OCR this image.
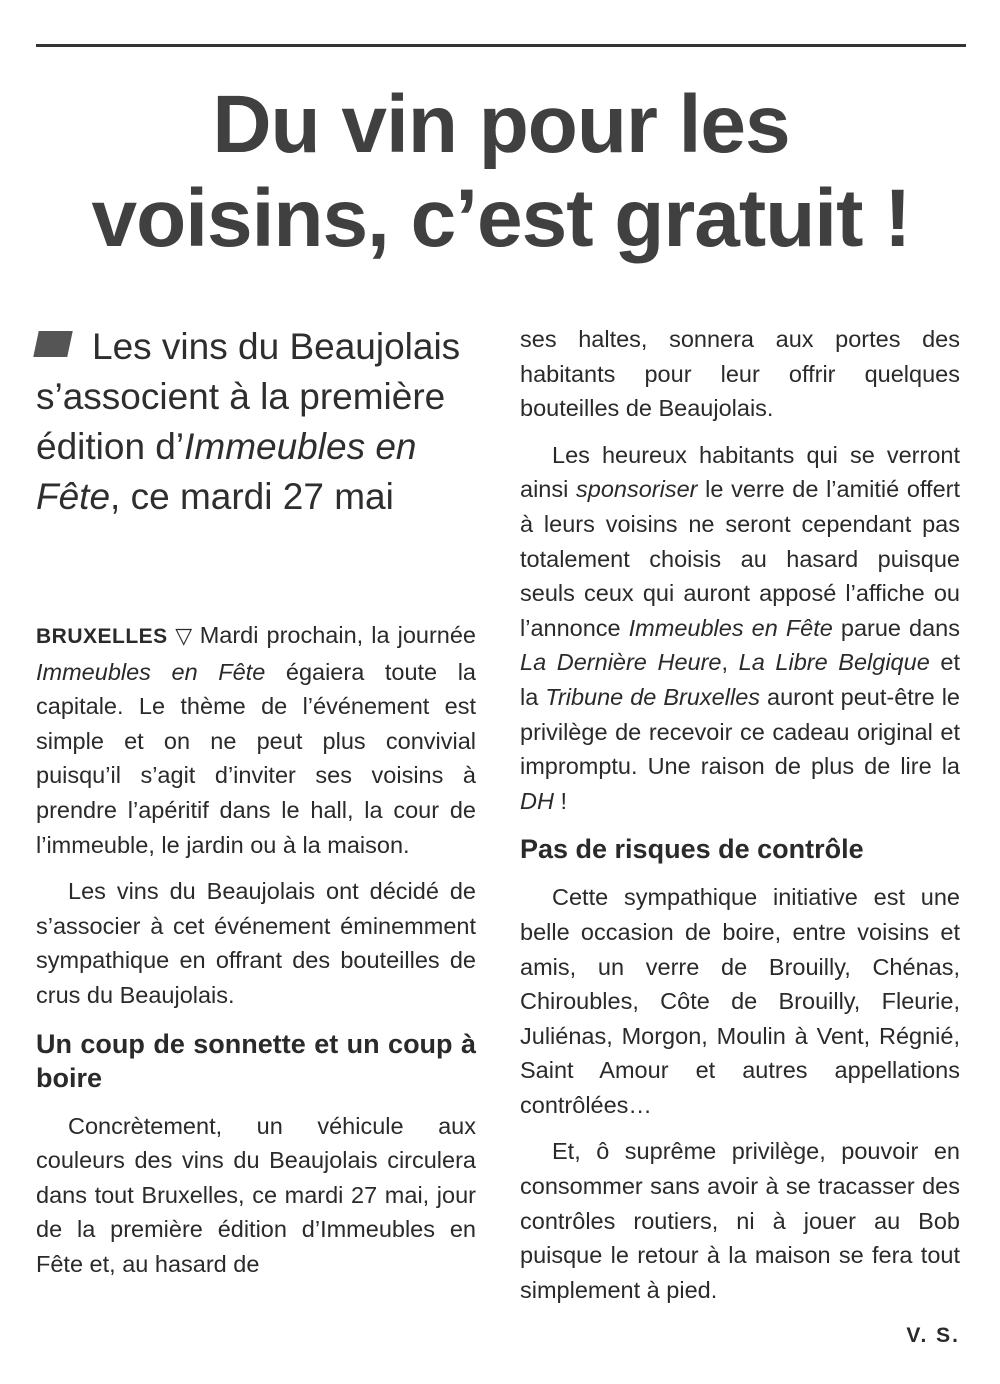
Du vin pour les
voisins, c’est gratuit !

Les vins du Beaujolais s’associent à la première édition d’Immeubles en Fête, ce mardi 27 mai

BRUXELLES ▽ Mardi prochain, la journée Immeubles en Fête égaiera toute la capitale. Le thème de l’événement est simple et on ne peut plus convivial puisqu’il s’agit d’inviter ses voisins à prendre l’apéritif dans le hall, la cour de l’immeuble, le jardin ou à la maison.

Les vins du Beaujolais ont décidé de s’associer à cet événement éminemment sympathique en offrant des bouteilles de crus du Beaujolais.

Un coup de sonnette et un coup à boire

Concrètement, un véhicule aux couleurs des vins du Beaujolais circulera dans tout Bruxelles, ce mardi 27 mai, jour de la première édition d’Immeubles en Fête et, au hasard de

ses haltes, sonnera aux portes des habitants pour leur offrir quelques bouteilles de Beaujolais.

Les heureux habitants qui se verront ainsi sponsoriser le verre de l’amitié offert à leurs voisins ne seront cependant pas totalement choisis au hasard puisque seuls ceux qui auront apposé l’affiche ou l’annonce Immeubles en Fête parue dans La Dernière Heure, La Libre Belgique et la Tribune de Bruxelles auront peut-être le privilège de recevoir ce cadeau original et impromptu. Une raison de plus de lire la DH !

Pas de risques de contrôle

Cette sympathique initiative est une belle occasion de boire, entre voisins et amis, un verre de Brouilly, Chénas, Chiroubles, Côte de Brouilly, Fleurie, Juliénas, Morgon, Moulin à Vent, Régnié, Saint Amour et autres appellations contrôlées…

Et, ô suprême privilège, pouvoir en consommer sans avoir à se tracasser des contrôles routiers, ni à jouer au Bob puisque le retour à la maison se fera tout simplement à pied.

V. S.
